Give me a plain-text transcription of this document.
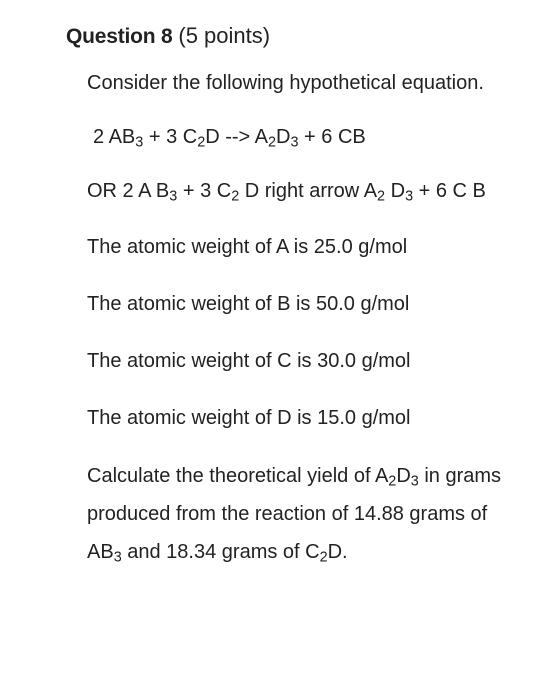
Question 8 (5 points)

Consider the following hypothetical equation.

2 $AB_3 + 3$ $C_2D$ --> $A_2D_3 + 6$ CB

OR 2 A $B_3 + 3$ $C_2$ D right arrow $A_2$ $D_3 + 6$ C B

The atomic weight of A is 25.0 g/mol

The atomic weight of B is 50.0 g/mol

The atomic weight of C is 30.0 g/mol

The atomic weight of D is 15.0 g/mol

Calculate the theoretical yield of $A_2D_3$ in grams produced from the reaction of 14.88 grams of $AB_3$ and 18.34 grams of $C_2D$.
